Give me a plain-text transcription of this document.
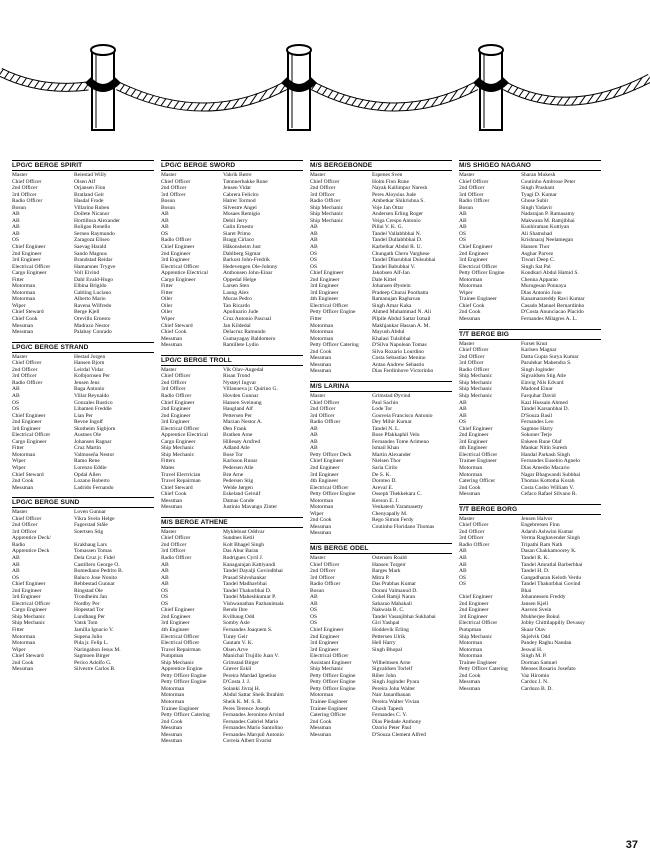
LPG/C BERGE SPIRIT
Master	Reiestad Willy
Chief Officer	Olsen Alf
2nd Officer	Orjansen Finn
3rd Officer	Bratland Geir
Radio Officer	Hasdal Frode
Bosun	Villarino Ruben
AB	Dollete Nicanor
AB	Hortillosa Alexander
AB	Boligao Ronello
AB	Serneo Raymundo
OS	Zaragoza Eliseo
Chief Engineer	Saevag Harald
2nd Engineer	Sando Magnus
3rd Engineer	Brandstad Reidar
Electrical Officer	Hamarsnes Trygve
Cargo Engineer	Voll Eivind
Fitter	Dahl Evald-Hugo
Motorman	Elbina Brigido
Motorman	Gabling Luciano
Motorman	Alberto Mario
Wiper	Ravena Wilfredo
Chief Steward	Berge Kjell
Chief Cook	Orevillo Ernesto
Messman	Madrazo Nestor
Messman	Palabay Conrado
LPG/C BERGE STRAND
Master	Hestad Jorgen
Chief Officer	Hansen Bjorn
2nd Officer	Leirdal Vidar
3rd Officer	Kolbjornsen Per
Radio Officer	Jensen Jens
AB	Baga Antonio
AB	Villar Reynaldo
OS	Gonzales Rustico
OS	Libamen Freddie
Chief Engineer	Lian Per
2nd Engineer	Revne Ingolf
3rd Engineer	Skotheim Sigbjorn
Electrical Officer	Austnes Ole
Cargo Engineer	Johansen Ragnar
Fitter	Cruz Martin
Motorman	Valmoseña Nestor
Wiper	Ramo Rene
Wiper	Lorenzo Eddie
Chief Steward	Opdal Allen
2nd Cook	Lozano Roberto
Messman	Ladrido Fernando
LPG/C BERGE SUND
Master	Loven Gunnar
Chief Officer	Vikra Svein Helge
2nd Officer	Fagerstad Ståle
3rd Officer	Soertsen Stig
Apprentice Deck/
Radio	Krakhaug Lars
Apprentice Deck	Tomassen Tomas
AB	Dela Cruz jr. Fidel
AB	Castillero George O.
AB	Bomediano Pedrito B.
OS	Baluco Jose Nonito
Chief Engineer	Rebbestad Gunnar
2nd Engineer	Ringstad Ole
3rd Engineer	Trondheim Jan
Electrical Officer	Nordby Per
Cargo Engineer	Hopestad Tor
Ship Mechanic	Lundhaug Per
Ship Mechanic	Vatsk Tom
Fitter	Jamilla Ignacio V.
Motorman	Supena Julio
Motorman	Pida jr. Felip L.
Wiper	Naringahon Jesus M.
Chief Steward	Sagmoen Birger
2nd Cook	Perico Adolfo G.
Messman	Silvestre Carlos B.
LPG/C BERGE SWORD
Master	Vahrik Børre
Chief Officer	Tønnnerbakke Rune
2nd Officer	Jensen Vidar
3rd Officer	Cabrera Felicito
Bosun	Hatrer Tormod
Bosun	Silvestre Angel
AB	Mosaes Remigio
AB	Debil Jerry
AB	Galin Ernesto
OS	Siaret Primo
Radio Officer	Bragg Cirlaco
Chief Engineer	Håkonsheim Just
2nd Engineer	Dahlberg Sigmar
3rd Engineer	Barkost John-Fredrik
Electrical Officer	Hedevengen Ole-Johnny
Apprentice Electrical	Anthonsen John-Einar
Cargo Engineer	Oppedal Helge
Fitter	Larsen Sten
Fitter	Laong Alex
Oiler	Mucas Pedro
Oiler	Tan Ricardo
Oiler	Apolinario Jude
Wiper	Cruz Antonio Pascual
Chief Steward	Jan Kildedal
Chief Cook	Delacruz Ramundo
Messman	Gumayagay Baldomero
Messman	Ramillete Lydio
LPG/C BERGE TROLL
Master	Vik Olav-Augedal
Chief Officer	Risan Trond
2nd Officer	Nystøyl Ingvar
3rd Officer	Villanueva jr. Quirino G.
Radio Officer	Hovden Gunnar
Chief Engineer	Hansen Sveinung
2nd Engineer	Haugland Alf
2nd Engineer	Pettersen Per
3rd Engineer	Marzan Nestor A.
Electrical Officer	Øen Frank
Apprentice Electrical	Brathen Arne
Cargo Engineer	Hillesøy Arnfred
Ship Mechanic	Adland Atle
Ship Mechanic	Bose Tor
Fitters	Karlsson Runar
Mates	Pedersen Atle
Travel Electrician	Brø Arne
Travel Repairman	Pedersen Stig
Chief Steward	Welde Jørgen
Chief Cook	Eskeland Geirulf
Messman	Damas Conde
Messman	Justinio Mavango Zinter
M/S BERGE ATHENE
Master	Myklebust Oddvar
Chief Officer	Sundnes Ketil
2nd Officer	Kolt Bhagel Singh
3rd Officer	Das Abur Baran
Radio Officer	Rodrigues Cyril J.
AB	Kanagarajan Kattiyandi
AB	Tandel Dayalji Govindbhai
AB	Prasad Shivshankar
AB	Tandel Madhavbhai
OS	Tandel Thakorbhai D.
OS	Tandel Maheshkumar P.
OS	Vishwanathan Pazhanimala
Chief Engineer	Bendo Ibre
2nd Engineer	Kvilhaug Odd
3rd Engineer	Somby Asle
4th Engineer	Fernandes Joaquem S.
Electrical Officer	Turøy Geir
Electrical Officer	Gautam V. K.
Travel Repairman	Olsen Arve
Pumpman	Manichal Trujillo Juan V.
Ship Mechanic	Grimstad Birger
Apprentice Engine	Grøver Eskil
Petty Officer Engine	Pereira Mardad Ignetius
Petty Officer Engine	D'Costa J. J.
Motorman	Solanki Jivraj H.
Motorman	Abdul Sattar Sheik Ibrahim
Motorman	Sheik K. M. S. R.
Trainee Engineer	Peres Terence Joseph
Petty Officer Catering	Fernandes Jeronimo Arvind
2nd Cook	Fernandes Gabriel Mario
Messman	Fernandes Mario Santolino
Messman	Fernandes Marquil Antonio
Messman	Correia Albert Evarist
M/S BERGEBONDE
Master	Espenes Sven
Chief Officer	Holm Finn Rune
2nd Officer	Nayak Kallimpur Naresh
3rd Officer	Peres Aloysius Jude
Radio Officer	Ambetkar Shikrishna S.
Ship Mechanic	Voje Jan Ottar
Ship Mechanic	Andersen Erling Roger
Ship Mechanic	Veiga Crespo Antonio
AB	Pillai V. K. G.
AB	Tandel Vallabhbhai N.
AB	Tandel Dullabhbhai D.
AB	Karbelkar Abdul R. U.
OS	Chungath Cheru Varghese
OS	Tandel Dharubhai Dulsubhai
OS	Tandel Babubhai V.
Chief Engineer	Jakobsen Alf-Jan
2nd Engineer	Dale Kittel
3rd Engineer	Johansen Øystein
3rd Engineer	Pradeep Churai Poothatta
4th Engineer	Ramanujan Raghavan
Electrical Officer	Singh Amar Kaka
Petty Officer Engine	Ahmed Muhammad N. Ali
Fitter	Pilpile Abdul Sattar Ismail
Motorman	Makhjankar Hassan A. M.
Motorman	Mayush Abdul
Motorman	Khalasi Tulsibhai
Petty Officer Catering	D'Silva Napolean Tomas
2nd Cook	Silva Rozario Lourdino
Messman	Costa Sebastiao Menino
Messman	Antao Andrew Sebastio
Messman	Dias Ferdinhove Victorinho
M/S LARINA
Master	Grimstad Øyvind
Chief Officer	Paul Sachin
2nd Officer	Lode Tor
3rd Officer	Gouveia Francisco Antonio
Radio Officer	Dey Mihir Kumar
AB	Tandel N. L.
AB	Bose Pfakkaphil Velu
AB	Fernandes Tome Arimeno
AB	Ismail Khan
Petty Officer Deck	Martin Alexander
Chief Engineer	Nielsen Thor
2nd Engineer	Saria Cirilo
3rd Engineer	De S. K.
4th Engineer	Doroteo D.
Electrical Officer	Areval E.
Petty Officer Engine	Osseph Thekkekara C.
Motorman	Kerson E. J.
Motorman	Venkatesh Yaramasetty
Wiper	Chenyapally M.
2nd Cook	Rego Simon Ferdy
Messman	Coutinho Floridano Thomas
Messman
M/S BERGE ODEL
Master	Ostensen Roald
Chief Officer	Hansen Torgeir
2nd Officer	Barges Mark
3rd Officer	Mitra P.
Radio Officer	Das Prabhas Kumar
Bosun	Dorani Valmanud D.
AB	Gohel Ramji Naran
AB	Sabarao Mahakali
OS	Nakwala B. C.
OS	Tandel Vasanjibhai Sukhabai
OS	Giri Yashpal
Chief Engineer	Hoddevik Erling
2nd Engineer	Pettersen Ulrik
3rd Engineer	Hell Harry
3rd Engineer	Singh Bhopal
Electrical Officer
Assistant Engineer	Wilhelmsen Arne
Ship Mechanic	Sigvaldsen Torlelf
Petty Officer Engine	Riber John
Petty Officer Engine	Singh Joginder Pyara
Petty Officer Engine	Pereira John Walter
Motorman	Nair Janardhanan
Trainee Engineer	Pereira Walter Vivian
Trainee Engineer	Ghosh Tapesh
Catering Officer	Fernandes C. Y.
2nd Cook	Dias Piedade Anthony
Messman	Ozorio Peter Paul
Messman	D'Souza Clement Alfred
M/S SHIGEO NAGANO
Master	Sharan Mukesh
Chief Officer	Coutinho Ambrose Peter
2nd Officer	Singh Prashant
3rd Officer	Tyagi D. Kumar
Radio Officer	Ghose Subir
Bosun	Singh Yadavir
AB	Nadarajan P. Ramasamy
AB	Makwana M. Ramjibhai
AB	Kunhiraman Kuttiyan
OS	Ali Shamshad
OS	Krishnaraj Neelamegan
Chief Engineer	Hansen Thor
2nd Engineer	Asghar Parvez
3rd Engineer	Tiwari Deep C.
Electrical Officer	Singh Sat Pal
Petty Officer Engine	Kondkari Abdul Hamid S.
Motorman	Chenna Apparao
Motorman	Murugesan Ponnaya
Wiper	Dias Antonio Joao
Trainee Engineer	Kanamarareddy Ravi Kumar
Chief Cook	Casado Manuel Bernardinho
2nd Cook	D'Costa Anunciacao Placido
Messman	Fernandes Milagres A. L.
T/T BERGE BIG
Master	Furset Knut
Chief Officer	Karlsen Magnar
2nd Officer	Datta Gupta Surya Kumar
3rd Officer	Parulekar Mahendra S.
Radio Officer	Singh Joginder
Ship Mechanic	Sigvaldsen Stig Atle
Ship Mechanic	Einvig Nils Edvard
Ship Mechanic	Madond Einar
Ship Mechanic	Farquhar David
AB	Kazi Hussain Ahmed
AB	Tandel Karsanbhai D.
AB	D'Souza Basil
OS	Fernandes Leo
Chief Engineer	Sagmoe Harry
2nd Engineer	Sokoner Terje
3rd Engineer	Enkeen Rune Olaf
4th Engineer	Mankar Nitin Suresh
Electrical Officer	Handal Parkash Singh
Trainee Engineer	Fernandes Eusebio Agnelo
Motorman	Dias Amedio Macario
Motorman	Nagar Bhagwandi Subbhai
Catering Officer	Thomas Kottotha Korah
2nd Cook	Costa Cosbo William V.
Messman	Cefaco Rafael Silvano R.
T/T BERGE BORG
Master	Jensen Halvor
Chief Officer	Engebretsen Finn
2nd Officer	Adarsh Ashwini Kumar
3rd Officer	Verma Raghavender Singh
Radio Officer	Tripathi Ram Nath
AB	Dasan Chakkamoorey K.
AB	Tandel R. K.
AB	Tandel Amratlal Barberbhai
AB	Tandel H. D.
OS	Gangadharan Keloth Verdu
OS	Tandel Thakorbhai Govind
Bhai
Chief Engineer	Johannessen Freddy
2nd Engineer	Jansen Kjell
2nd Engineer	Aasven Svein
3rd Engineer	Mukherjee Bokul
Electrical Officer	Jobby Chittilappilly Devassy
Pumpman	Skaar Olav
Ship Mechanic	Skjelvik Odd
Motorman	Pandey Raghu Nandan
Motorman	Jeswal H.
Motorman	Singh M. P.
Trainee Engineer	Dorman Samuel
Petty Officer Catering	Menses Rosario Josefato
2nd Cook	Vaz Hiromio
Messman	Cardoz J. N.
Messman	Cardozo B. D.
37
